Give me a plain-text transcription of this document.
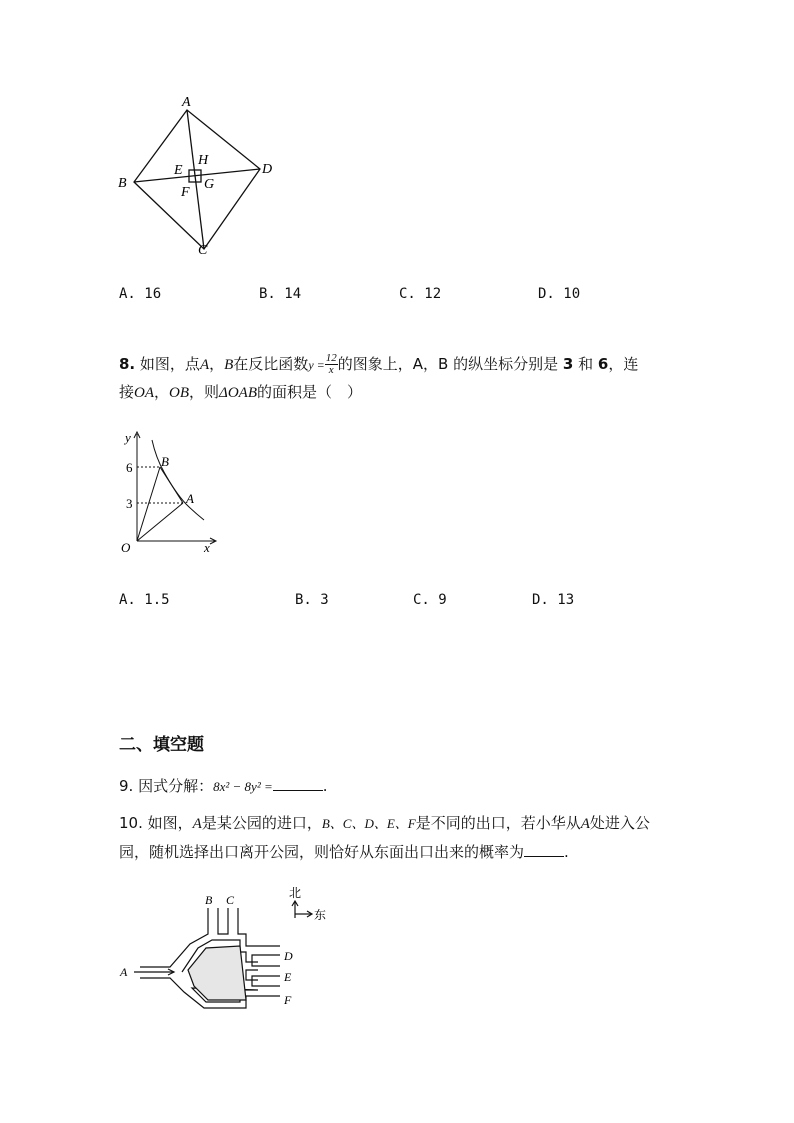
A
B
C
D
E
H
F
G
A. 16	B. 14	C. 12	D. 10
8. 如图，点A，B在反比函数$y = \frac{12}{x}$ 的图象上，A，B 的纵坐标分别是 3 和 6，连
接OA，OB，则ΔOAB的面积是（　）
y
x
O
6
3
B
A
A. 1.5	B. 3	C. 9	D. 13
二、填空题
9. 因式分解：8x² − 8y² =	.
10. 如图，A是某公园的进口，B、C、D、E、F是不同的出口，若小华从A处进入公
园，随机选择出口离开公园，则恰好从东面出口出来的概率为	.
北
东
A
B C
D
E
F
